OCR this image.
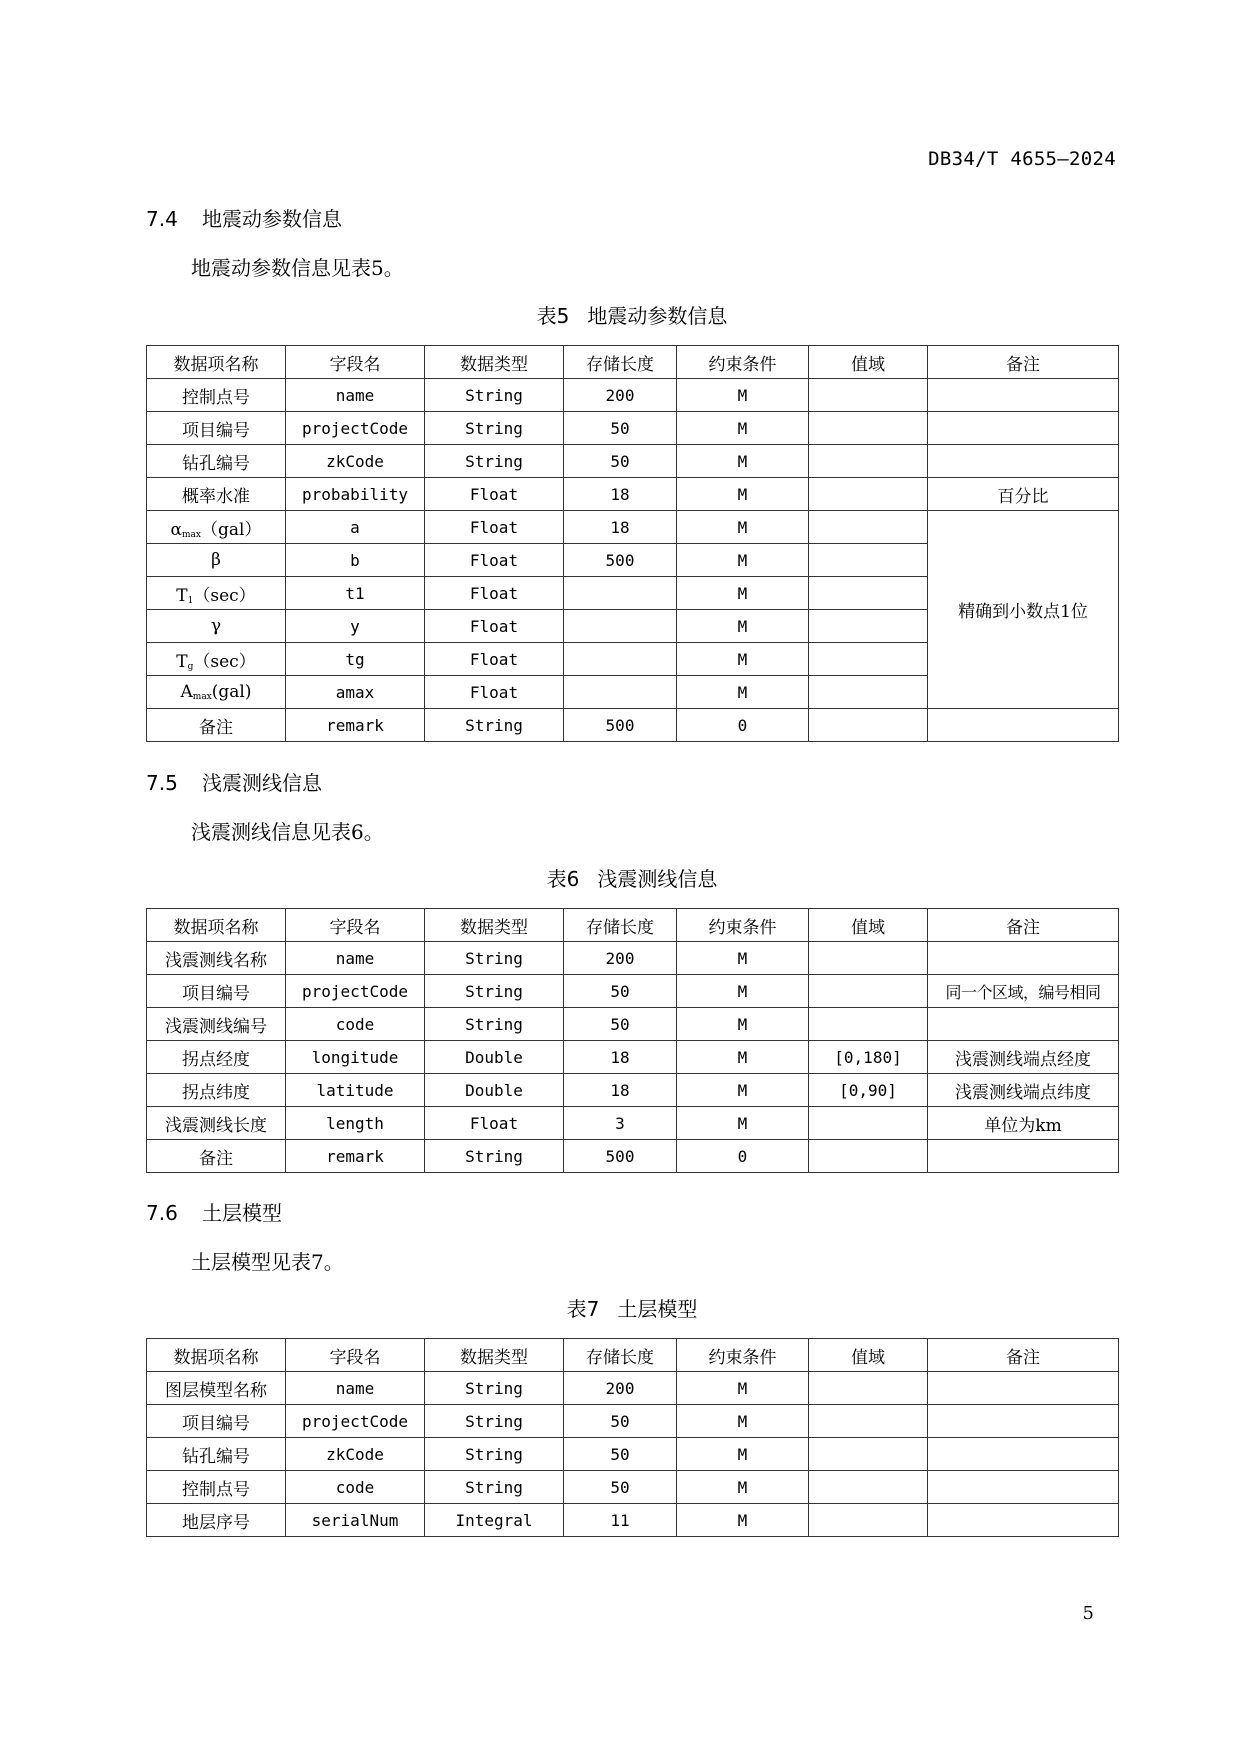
DB34/T 4655—2024
7.4 地震动参数信息
地震动参数信息见表5。
表5 地震动参数信息
数据项名称	字段名	数据类型	存储长度	约束条件	值域	备注
控制点号	name	String	200	M		
项目编号	projectCode	String	50	M		
钻孔编号	zkCode	String	50	M		
概率水准	probability	Float	18	M		百分比
$\alpha_{max}(gal)$	a	Float	18	M		精确到小数点1位
β	b	Float	500	M		
$T_1(\sec)$	t1	Float		M		
γ	y	Float		M		
$T_g(\sec)$	tg	Float		M		
$A_{max}(gal)$	amax	Float		M		
备注	remark	String	500	0		
7.5 浅震测线信息
浅震测线信息见表6。
表6 浅震测线信息
数据项名称	字段名	数据类型	存储长度	约束条件	值域	备注
浅震测线名称	name	String	200	M		
项目编号	projectCode	String	50	M		同一个区域，编号相同
浅震测线编号	code	String	50	M		
拐点经度	longitude	Double	18	M	[0,180]	浅震测线端点经度
拐点纬度	latitude	Double	18	M	[0,90]	浅震测线端点纬度
浅震测线长度	length	Float	3	M		单位为km
备注	remark	String	500	0		
7.6 土层模型
土层模型见表7。
表7 土层模型
数据项名称	字段名	数据类型	存储长度	约束条件	值域	备注
图层模型名称	name	String	200	M		
项目编号	projectCode	String	50	M		
钻孔编号	zkCode	String	50	M		
控制点号	code	String	50	M		
地层序号	serialNum	Integral	11	M		
5
